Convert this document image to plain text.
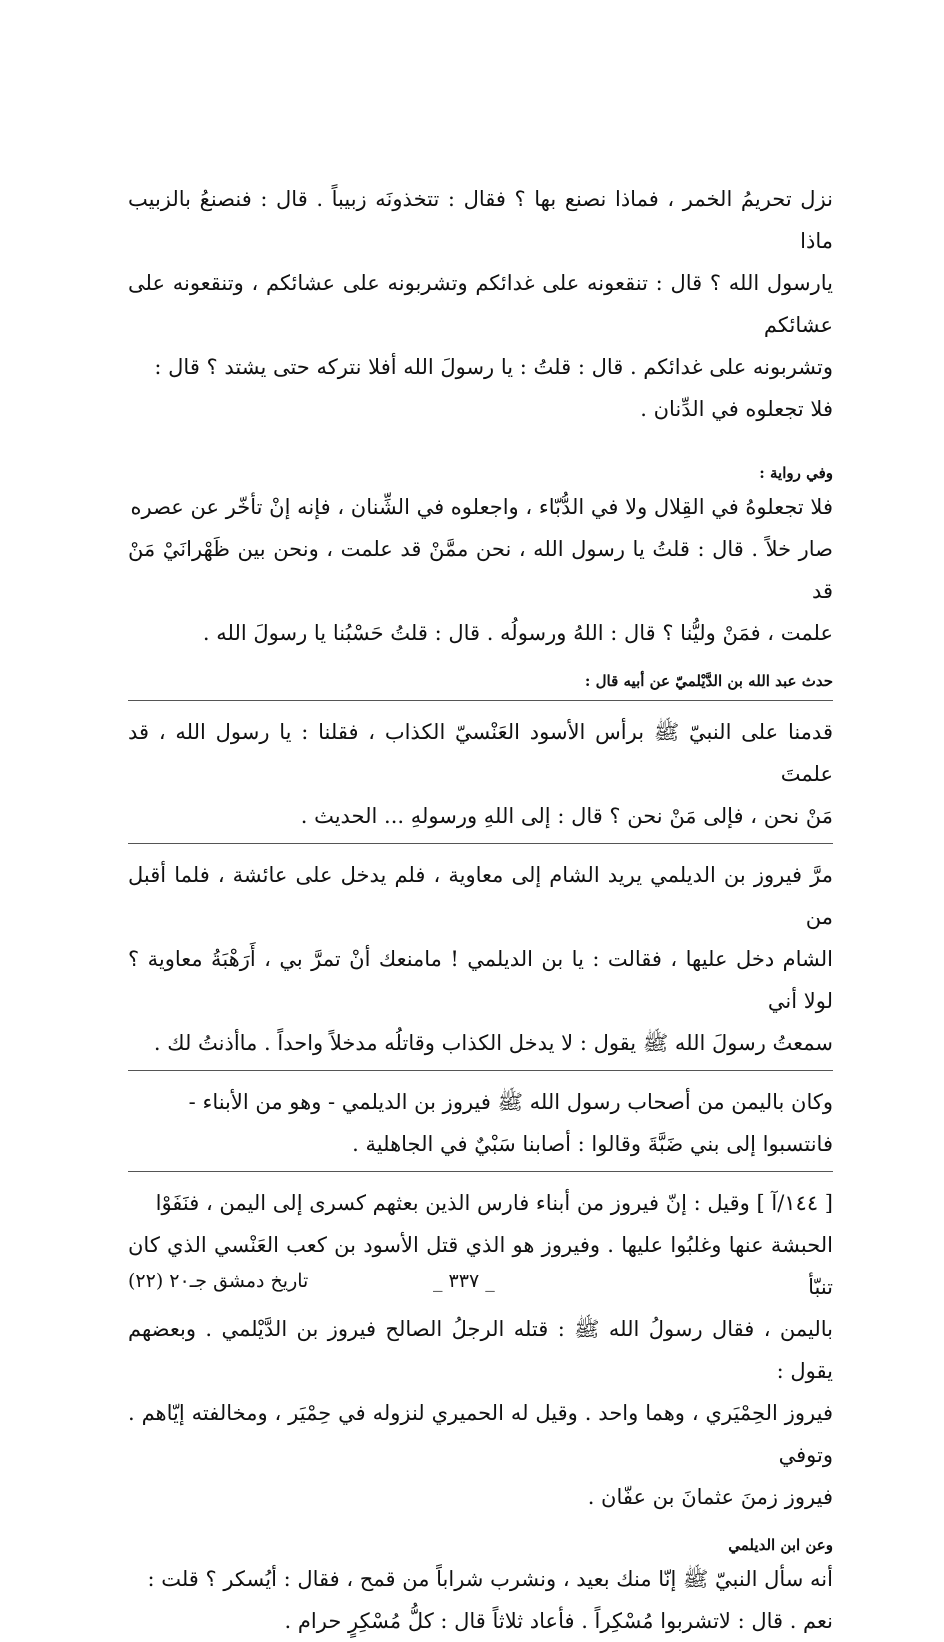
نزل تحريمُ الخمر ، فماذا نصنع بها ؟ فقال : تتخذونَه زبيباً . قال : فنصنعُ بالزبيب ماذا

يارسول الله ؟ قال : تنقعونه على غدائكم وتشربونه على عشائكم ، وتنقعونه على عشائكم

وتشربونه على غدائكم . قال : قلتُ : يا رسولَ الله أفلا نتركه حتى يشتد ؟ قال :

فلا تجعلوه في الدِّنان .

وفي رواية :

فلا تجعلوهُ في القِلال ولا في الدُّبّاء ، واجعلوه في الشِّنان ، فإنه إنْ تأخّر عن عصره

صار خلاً . قال : قلتُ يا رسول الله ، نحن ممَّنْ قد علمت ، ونحن بين ظَهْرانَيْ مَنْ قد

علمت ، فمَنْ وليُّنا ؟ قال : اللهُ ورسولُه . قال : قلتُ حَسْبُنا يا رسولَ الله .

حدث عبد الله بن الدَّيْلميّ عن أبيه قال :

قدمنا على النبيّ ﷺ برأس الأسود العَنْسيّ الكذاب ، فقلنا : يا رسول الله ، قد علمتَ

مَنْ نحن ، فإلى مَنْ نحن ؟ قال : إلى اللهِ ورسولهِ ... الحديث .

مرَّ فيروز بن الديلمي يريد الشام إلى معاوية ، فلم يدخل على عائشة ، فلما أقبل من

الشام دخل عليها ، فقالت : يا بن الديلمي ! مامنعك أنْ تمرَّ بي ، أَرَهْبَةُ معاوية ؟ لولا أني

سمعتُ رسولَ الله ﷺ يقول : لا يدخل الكذاب وقاتلُه مدخلاً واحداً . ماأذنتُ لك .

وكان باليمن من أصحاب رسول الله ﷺ فيروز بن الديلمي - وهو من الأبناء -

فانتسبوا إلى بني ضَبَّةَ وقالوا : أصابنا سَبْيٌ في الجاهلية .

[ ١٤٤/آ ] وقيل : إنّ فيروز من أبناء فارس الذين بعثهم كسرى إلى اليمن ، فنَفَوْا

الحبشة عنها وغلبُوا عليها . وفيروز هو الذي قتل الأسود بن كعب العَنْسي الذي كان تنبّأ

باليمن ، فقال رسولُ الله ﷺ : قتله الرجلُ الصالح فيروز بن الدَّيْلمي . وبعضهم يقول :

فيروز الحِمْيَري ، وهما واحد . وقيل له الحميري لنزوله في حِمْيَر ، ومخالفته إيّاهم . وتوفي

فيروز زمنَ عثمانَ بن عفّان .

وعن ابن الديلمي

أنه سأل النبيّ ﷺ إنّا منك بعيد ، ونشرب شراباً من قمح ، فقال : أيُسكر ؟ قلت :

نعم . قال : لاتشربوا مُسْكِراً . فأعاد ثلاثاً قال : كلُّ مُسْكِرٍ حرام .

_ ٣٣٧ _
تاريخ دمشق جـ٢٠ (٢٢)
